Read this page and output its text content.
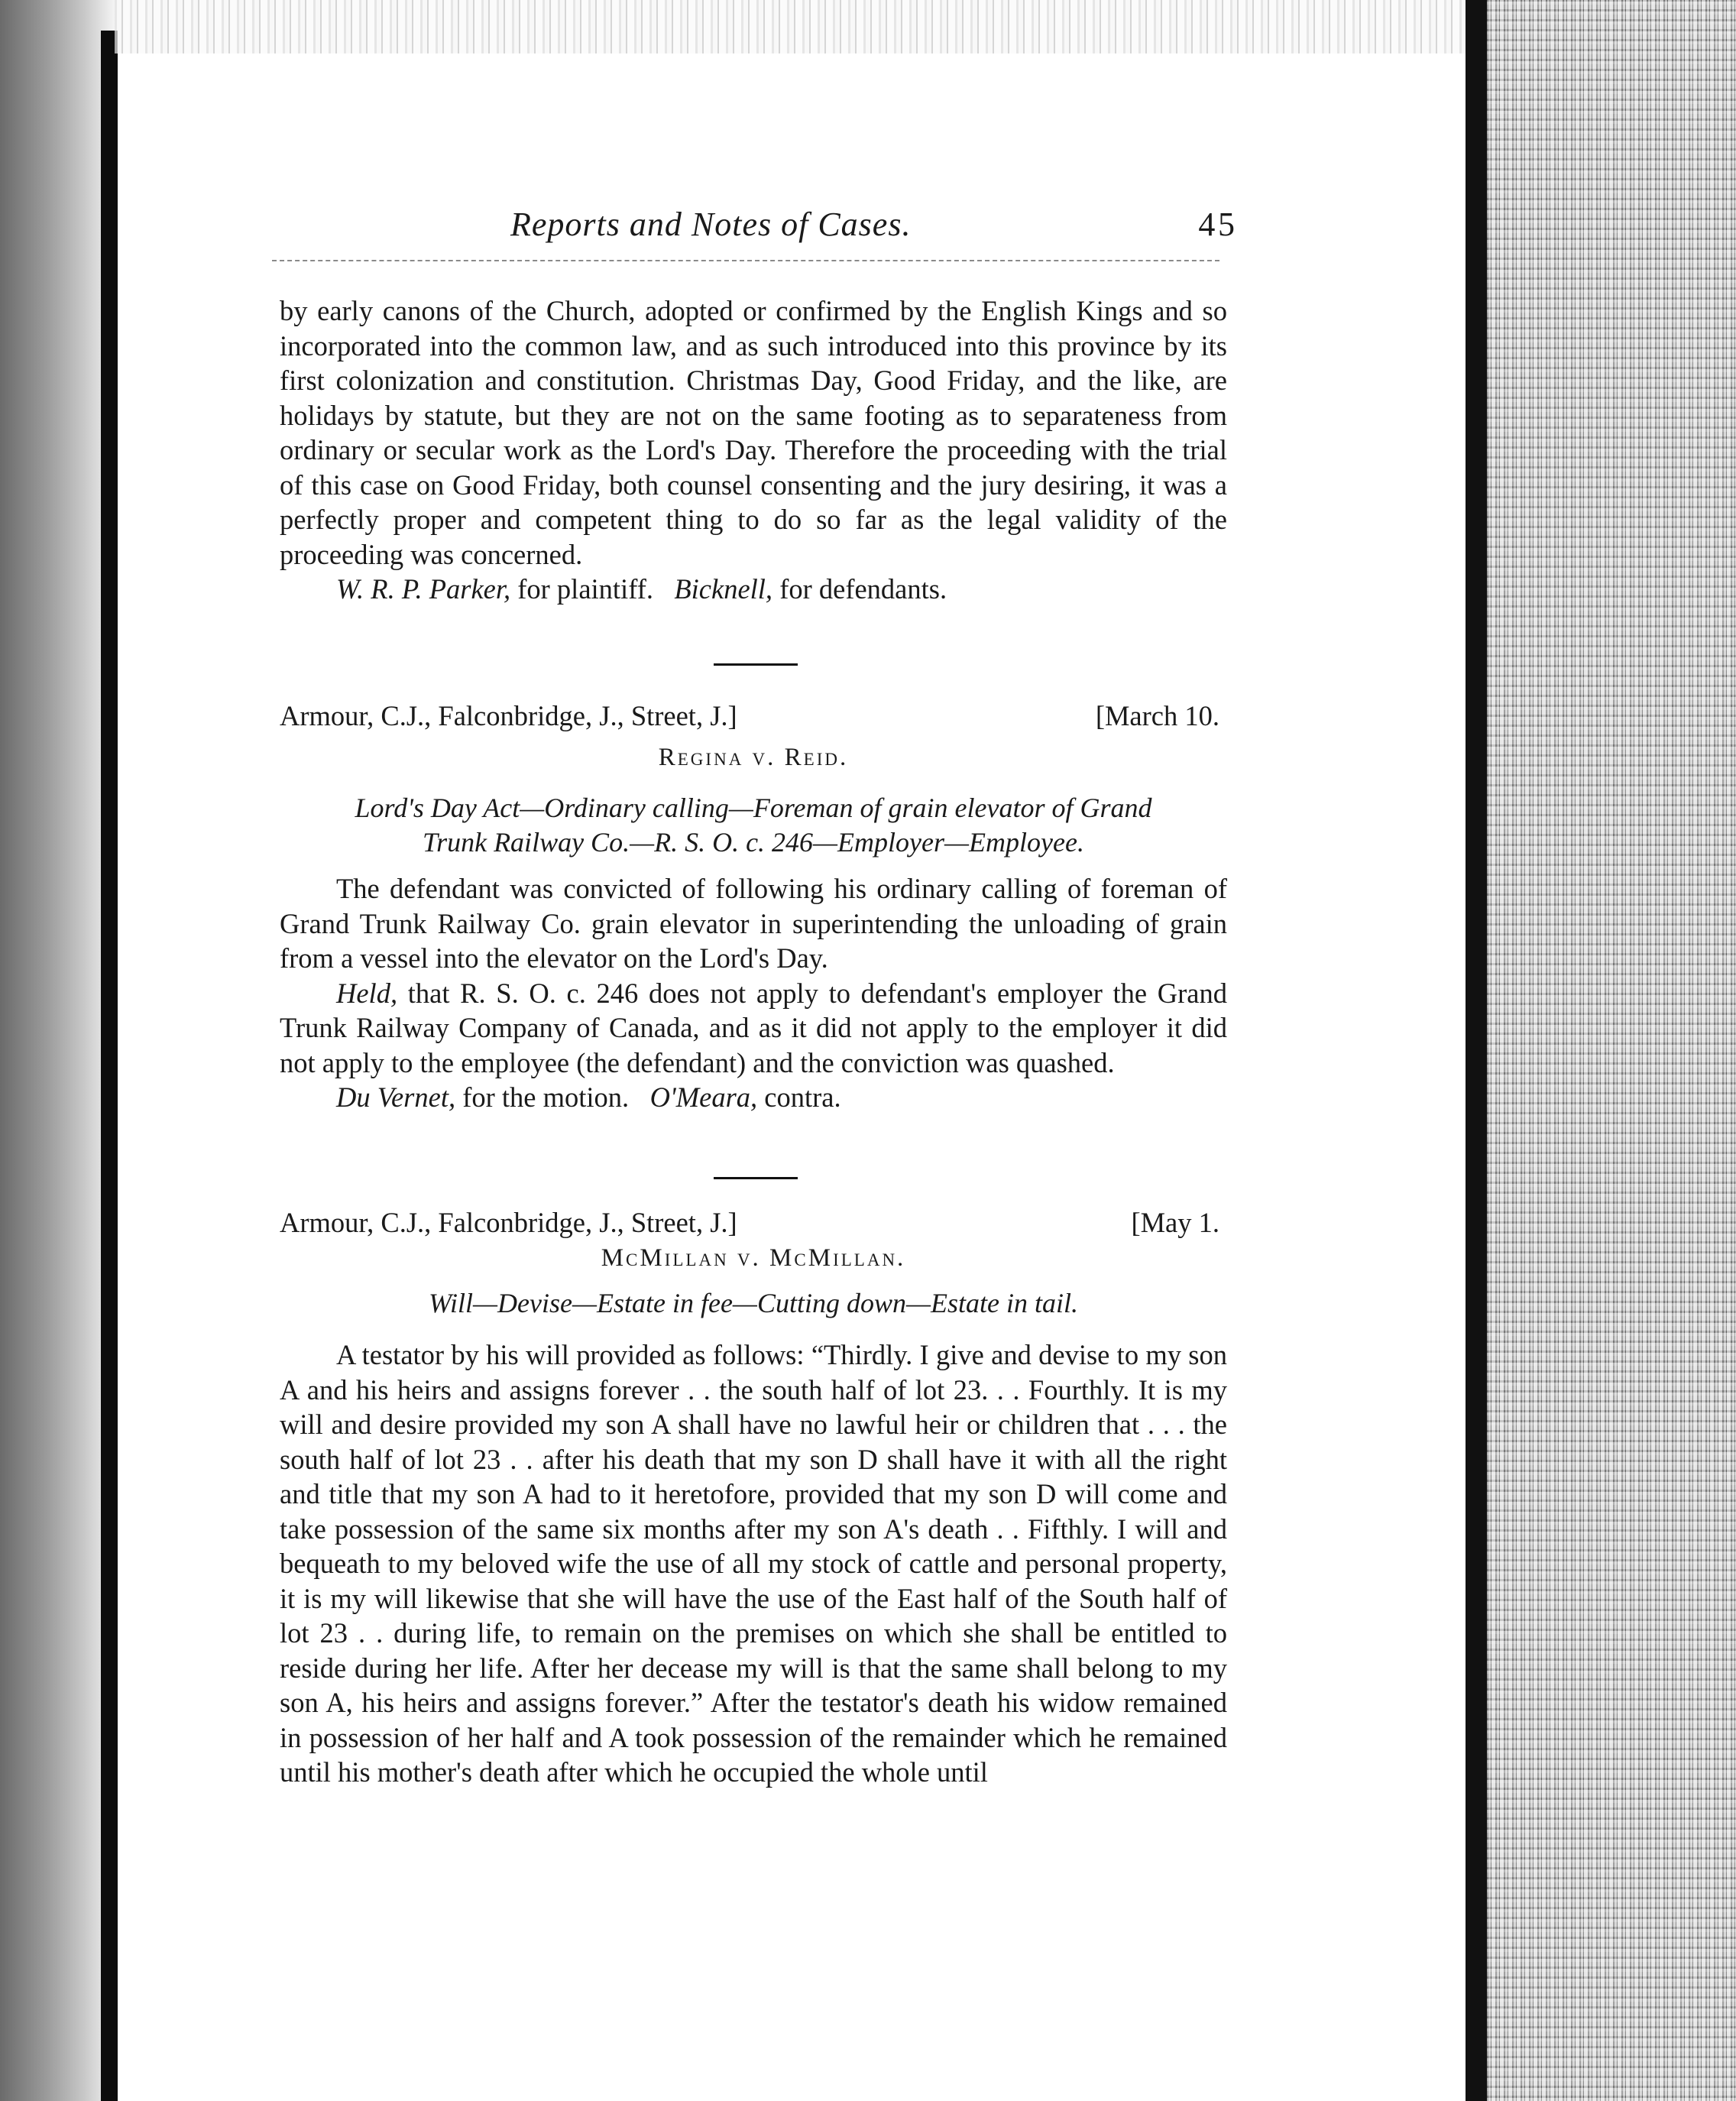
Reports and Notes of Cases.	4 5

by early canons of the Church, adopted or confirmed by the English Kings and so incorporated into the common law, and as such introduced into this province by its first colonization and constitution. Christmas Day, Good Friday, and the like, are holidays by statute, but they are not on the same footing as to separateness from ordinary or secular work as the Lord's Day. Therefore the proceeding with the trial of this case on Good Friday, both counsel consenting and the jury desiring, it was a perfectly proper and competent thing to do so far as the legal validity of the proceeding was concerned.

W. R. P. Parker, for plaintiff. Bicknell, for defendants.

Armour, C.J., Falconbridge, J., Street, J.]	[March 10.
Regina v. Reid.
Lord's Day Act—Ordinary calling—Foreman of grain elevator of Grand
Trunk Railway Co.—R. S. O. c. 246—Employer—Employee.

The defendant was convicted of following his ordinary calling of foreman of Grand Trunk Railway Co. grain elevator in superintending the unloading of grain from a vessel into the elevator on the Lord's Day.

Held, that R. S. O. c. 246 does not apply to defendant's employer the Grand Trunk Railway Company of Canada, and as it did not apply to the employer it did not apply to the employee (the defendant) and the conviction was quashed.

Du Vernet, for the motion. O'Meara, contra.

Armour, C.J., Falconbridge, J., Street, J.]	[May 1.
McMillan v. McMillan.
Will—Devise—Estate in fee—Cutting down—Estate in tail.

A testator by his will provided as follows: “Thirdly. I give and devise to my son A and his heirs and assigns forever . . the south half of lot 23. . . Fourthly. It is my will and desire provided my son A shall have no lawful heir or children that . . . the south half of lot 23 . . after his death that my son D shall have it with all the right and title that my son A had to it heretofore, provided that my son D will come and take possession of the same six months after my son A's death . . Fifthly. I will and bequeath to my beloved wife the use of all my stock of cattle and personal property, it is my will likewise that she will have the use of the East half of the South half of lot 23 . . during life, to remain on the premises on which she shall be entitled to reside during her life. After her decease my will is that the same shall belong to my son A, his heirs and assigns forever.” After the testator's death his widow remained in possession of her half and A took possession of the remainder which he remained until his mother's death after which he occupied the whole until
